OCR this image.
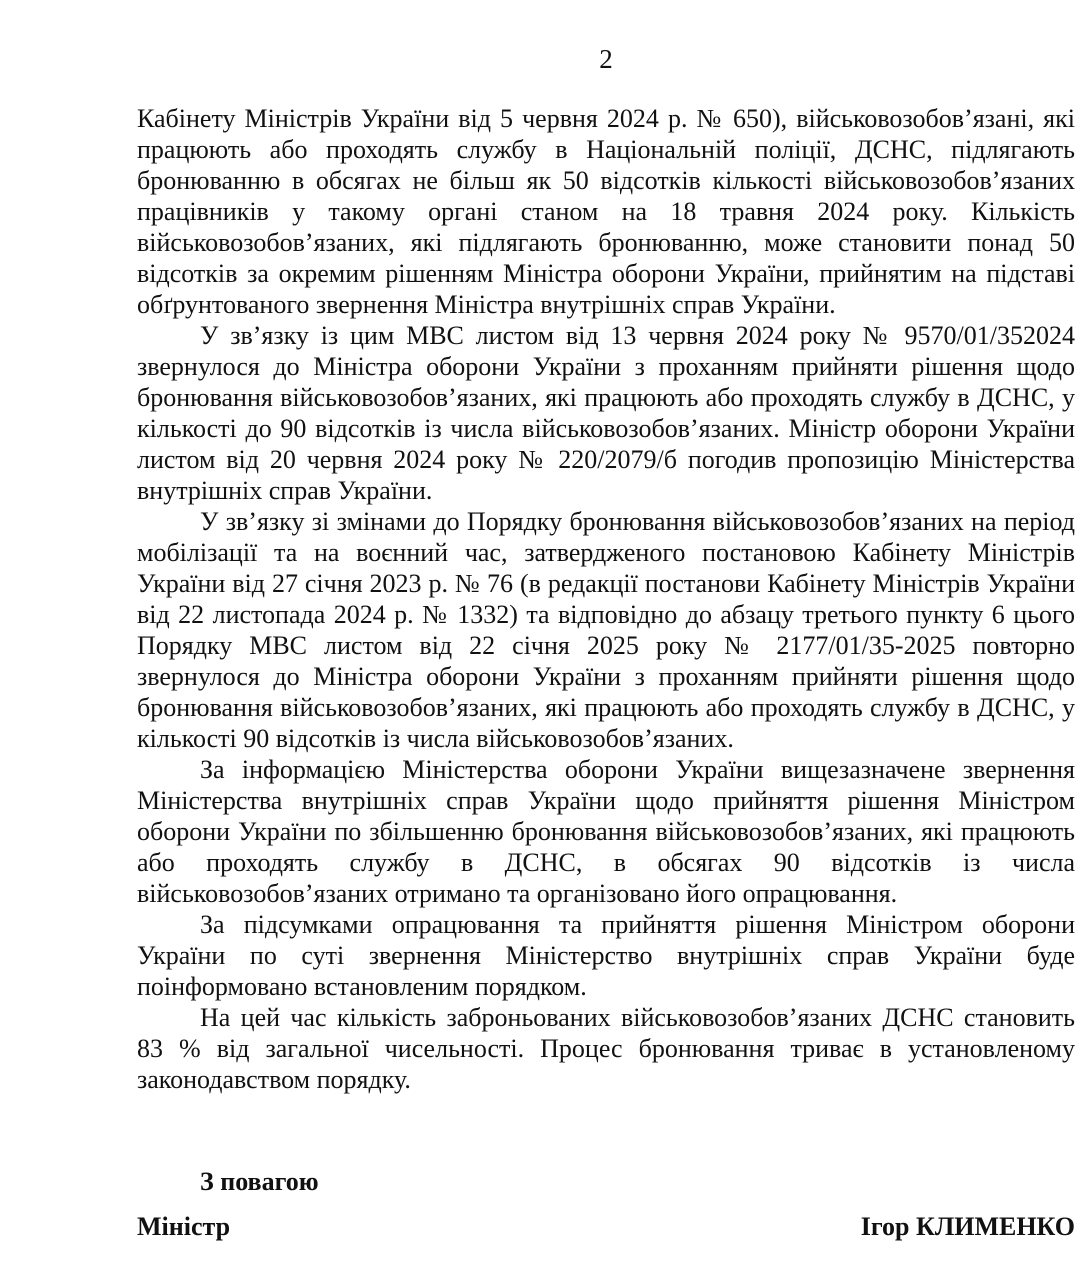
2

Кабінету Міністрів України від 5 червня 2024 р. № 650), військовозобов’язані, які працюють або проходять службу в Національній поліції, ДСНС, підлягають бронюванню в обсягах не більш як 50 відсотків кількості військовозобов’язаних працівників у такому органі станом на 18 травня 2024 року. Кількість військовозобов’язаних, які підлягають бронюванню, може становити понад 50 відсотків за окремим рішенням Міністра оборони України, прийнятим на підставі обґрунтованого звернення Міністра внутрішніх справ України.

У зв’язку із цим МВС листом від 13 червня 2024 року № 9570/01/352024 звернулося до Міністра оборони України з проханням прийняти рішення щодо бронювання військовозобов’язаних, які працюють або проходять службу в ДСНС, у кількості до 90 відсотків із числа військовозобов’язаних. Міністр оборони України листом від 20 червня 2024 року № 220/2079/б погодив пропозицію Міністерства внутрішніх справ України.

У зв’язку зі змінами до Порядку бронювання військовозобов’язаних на період мобілізації та на воєнний час, затвердженого постановою Кабінету Міністрів України від 27 січня 2023 р. № 76 (в редакції постанови Кабінету Міністрів України від 22 листопада 2024 р. № 1332) та відповідно до абзацу третього пункту 6 цього Порядку МВС листом від 22 січня 2025 року № 2177/01/35-2025 повторно звернулося до Міністра оборони України з проханням прийняти рішення щодо бронювання військовозобов’язаних, які працюють або проходять службу в ДСНС, у кількості 90 відсотків із числа військовозобов’язаних.

За інформацією Міністерства оборони України вищезазначене звернення Міністерства внутрішніх справ України щодо прийняття рішення Міністром оборони України по збільшенню бронювання військовозобов’язаних, які працюють або проходять службу в ДСНС, в обсягах 90 відсотків із числа військовозобов’язаних отримано та організовано його опрацювання.

За підсумками опрацювання та прийняття рішення Міністром оборони України по суті звернення Міністерство внутрішніх справ України буде поінформовано встановленим порядком.

На цей час кількість заброньованих військовозобов’язаних ДСНС становить 83 % від загальної чисельності. Процес бронювання триває в установленому законодавством порядку.

З повагою
Міністр	Ігор КЛИМЕНКО
